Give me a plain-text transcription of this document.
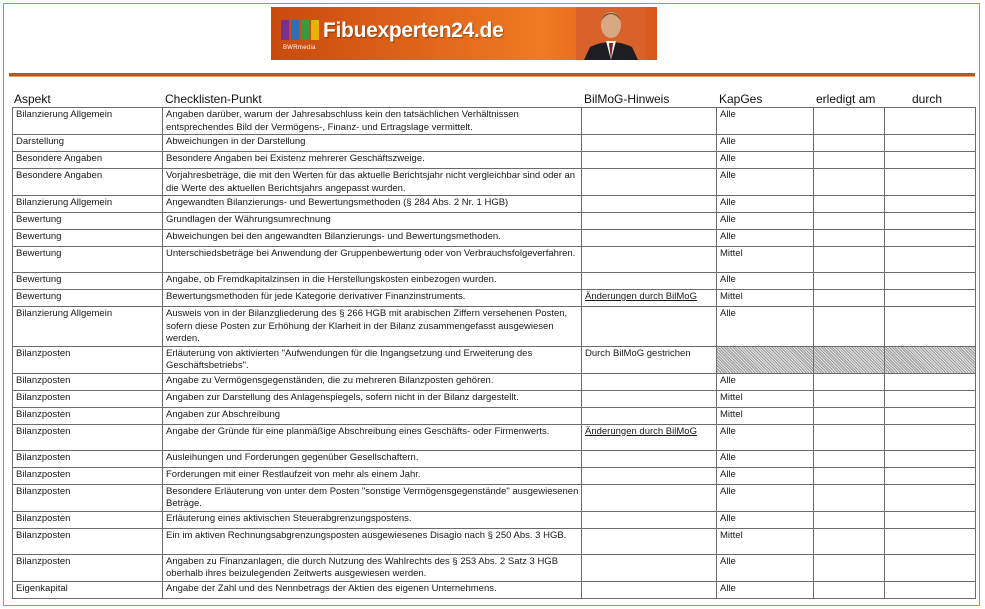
BWRmedia
Fibuexperten24.de
Aspekt	Checklisten-Punkt	BilMoG-Hinweis	KapGes	erledigt am	durch
Bilanzierung Allgemein	Angaben darüber, warum der Jahresabschluss kein den tatsächlichen Verhältnissen entsprechendes Bild der Vermögens-, Finanz- und Ertragslage vermittelt.		Alle		
Darstellung	Abweichungen in der Darstellung		Alle		
Besondere Angaben	Besondere Angaben bei Existenz mehrerer Geschäftszweige.		Alle		
Besondere Angaben	Vorjahresbeträge, die mit den Werten für das aktuelle Berichtsjahr nicht vergleichbar sind oder an die Werte des aktuellen Berichtsjahrs angepasst wurden.		Alle		
Bilanzierung Allgemein	Angewandten Bilanzierungs- und Bewertungsmethoden (§ 284 Abs. 2 Nr. 1 HGB)		Alle		
Bewertung	Grundlagen der Währungsumrechnung		Alle		
Bewertung	Abweichungen bei den angewandten Bilanzierungs- und Bewertungsmethoden.		Alle		
Bewertung	Unterschiedsbeträge bei Anwendung der Gruppenbewertung oder von Verbrauchsfolgeverfahren.		Mittel		
Bewertung	Angabe, ob Fremdkapitalzinsen in die Herstellungskosten einbezogen wurden.		Alle		
Bewertung	Bewertungsmethoden für jede Kategorie derivativer Finanzinstruments.	Änderungen durch BilMoG	Mittel		
Bilanzierung Allgemein	Ausweis von in der Bilanzgliederung des § 266 HGB mit arabischen Ziffern versehenen Posten, sofern diese Posten zur Erhöhung der Klarheit in der Bilanz zusammengefasst ausgewiesen werden.		Alle		
Bilanzposten	Erläuterung von aktivierten "Aufwendungen für die Ingangsetzung und Erweiterung des Geschäftsbetriebs".	Durch BilMoG gestrichen			
Bilanzposten	Angabe zu Vermögensgegenständen, die zu mehreren Bilanzposten gehören.		Alle		
Bilanzposten	Angaben zur Darstellung des Anlagenspiegels, sofern nicht in der Bilanz dargestellt.		Mittel		
Bilanzposten	Angaben zur Abschreibung		Mittel		
Bilanzposten	Angabe der Gründe für eine planmäßige Abschreibung eines Geschäfts- oder Firmenwerts.	Änderungen durch BilMoG	Alle		
Bilanzposten	Ausleihungen und Forderungen gegenüber Gesellschaftern.		Alle		
Bilanzposten	Forderungen mit einer Restlaufzeit von mehr als einem Jahr.		Alle		
Bilanzposten	Besondere Erläuterung von unter dem Posten "sonstige Vermögensgegenstände" ausgewiesenen Beträge.		Alle		
Bilanzposten	Erläuterung eines aktivischen Steuerabgrenzungspostens.		Alle		
Bilanzposten	Ein im aktiven Rechnungsabgrenzungsposten ausgewiesenes Disagio nach § 250 Abs. 3 HGB.		Mittel		
Bilanzposten	Angaben zu Finanzanlagen, die durch Nutzung des Wahlrechts des § 253 Abs. 2 Satz 3 HGB oberhalb ihres beizulegenden Zeitwerts ausgewiesen werden.		Alle		
Eigenkapital	Angabe der Zahl und des Nennbetrags der Aktien des eigenen Unternehmens.		Alle		
